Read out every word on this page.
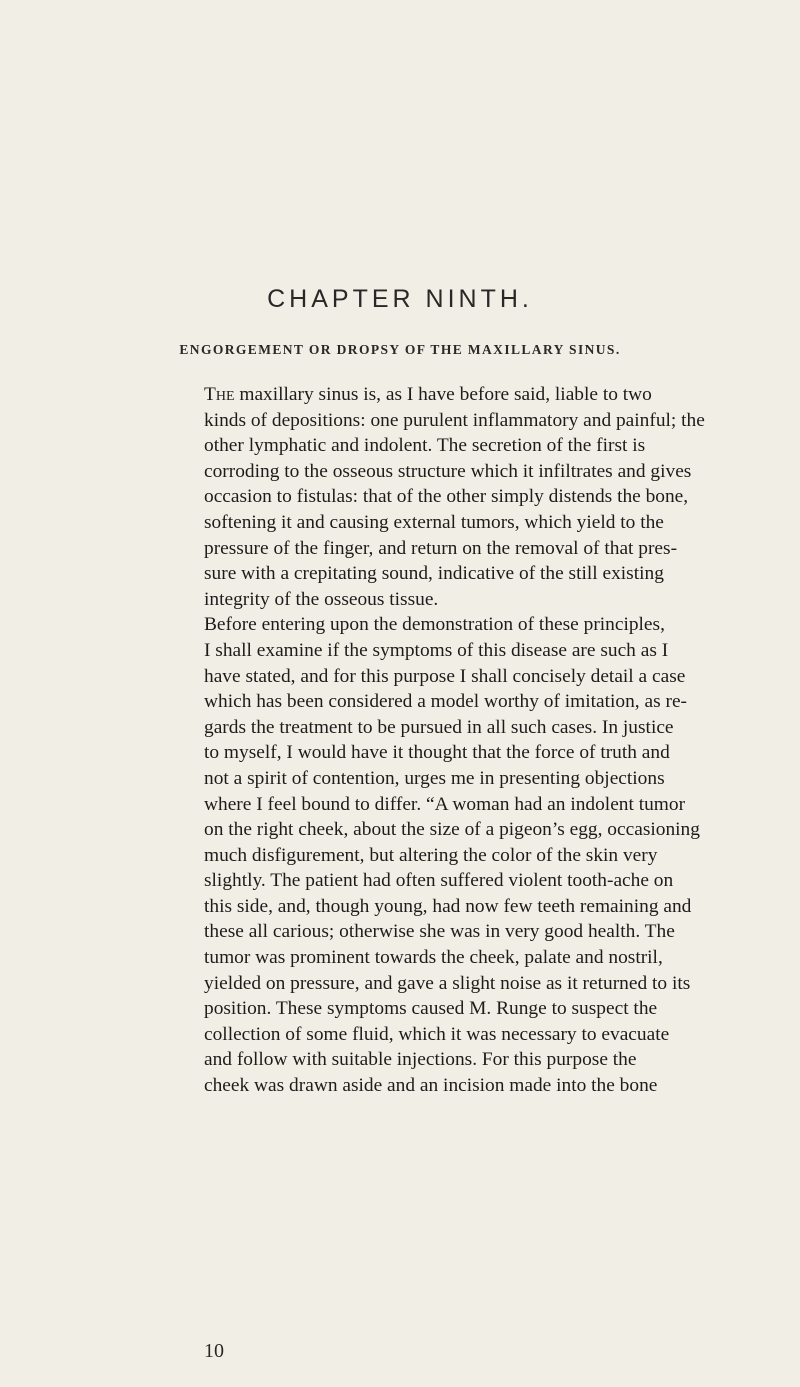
CHAPTER NINTH.
ENGORGEMENT OR DROPSY OF THE MAXILLARY SINUS.
The maxillary sinus is, as I have before said, liable to two
kinds of depositions: one purulent inflammatory and painful; the
other lymphatic and indolent. The secretion of the first is
corroding to the osseous structure which it infiltrates and gives
occasion to fistulas: that of the other simply distends the bone,
softening it and causing external tumors, which yield to the
pressure of the finger, and return on the removal of that pres-
sure with a crepitating sound, indicative of the still existing
integrity of the osseous tissue.
Before entering upon the demonstration of these principles,
I shall examine if the symptoms of this disease are such as I
have stated, and for this purpose I shall concisely detail a case
which has been considered a model worthy of imitation, as re-
gards the treatment to be pursued in all such cases. In justice
to myself, I would have it thought that the force of truth and
not a spirit of contention, urges me in presenting objections
where I feel bound to differ. “A woman had an indolent tumor
on the right cheek, about the size of a pigeon’s egg, occasioning
much disfigurement, but altering the color of the skin very
slightly. The patient had often suffered violent tooth-ache on
this side, and, though young, had now few teeth remaining and
these all carious; otherwise she was in very good health. The
tumor was prominent towards the cheek, palate and nostril,
yielded on pressure, and gave a slight noise as it returned to its
position. These symptoms caused M. Runge to suspect the
collection of some fluid, which it was necessary to evacuate
and follow with suitable injections. For this purpose the
cheek was drawn aside and an incision made into the bone
10
